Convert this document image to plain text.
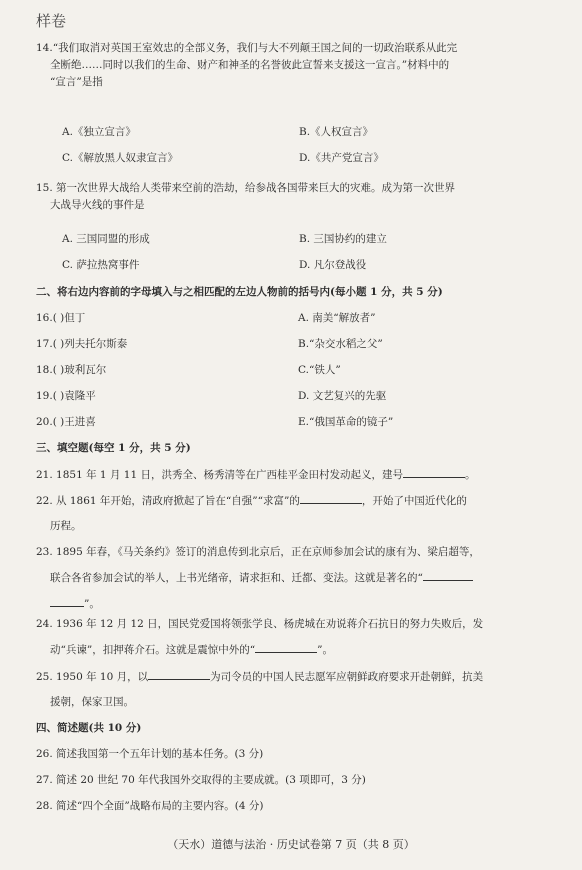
样卷
14.“我们取消对英国王室效忠的全部义务，我们与大不列颠王国之间的一切政治联系从此完
全断绝……同时以我们的生命、财产和神圣的名誉彼此宣誓来支援这一宣言。”材料中的
“宣言”是指
A.《独立宣言》	B.《人权宣言》
C.《解放黑人奴隶宣言》	D.《共产党宣言》
15. 第一次世界大战给人类带来空前的浩劫，给参战各国带来巨大的灾难。成为第一次世界
大战导火线的事件是
A. 三国同盟的形成	B. 三国协约的建立
C. 萨拉热窝事件	D. 凡尔登战役
二、将右边内容前的字母填入与之相匹配的左边人物前的括号内(每小题 1 分，共 5 分)
16.( )但丁	A. 南美“解放者”
17.( )列夫托尔斯泰	B.“杂交水稻之父”
18.( )玻利瓦尔	C.“铁人”
19.( )袁隆平	D. 文艺复兴的先驱
20.( )王进喜	E.“俄国革命的镜子”
三、填空题(每空 1 分，共 5 分)
21. 1851 年 1 月 11 日，洪秀全、杨秀清等在广西桂平金田村发动起义，建号	。
22. 从 1861 年开始，清政府掀起了旨在“自强”“求富”的	，开始了中国近代化的
历程。
23. 1895 年春，《马关条约》签订的消息传到北京后，正在京师参加会试的康有为、梁启超等，
联合各省参加会试的举人，上书光绪帝，请求拒和、迁都、变法。这就是著名的“
”。
24. 1936 年 12 月 12 日，国民党爱国将领张学良、杨虎城在劝说蒋介石抗日的努力失败后，发
动“兵谏”，扣押蒋介石。这就是震惊中外的“	”。
25. 1950 年 10 月，以	为司令员的中国人民志愿军应朝鲜政府要求开赴朝鲜，抗美
援朝，保家卫国。
四、简述题(共 10 分)
26. 简述我国第一个五年计划的基本任务。(3 分)
27. 简述 20 世纪 70 年代我国外交取得的主要成就。(3 项即可，3 分)
28. 简述“四个全面”战略布局的主要内容。(4 分)
（天水）道德与法治 · 历史试卷第 7 页（共 8 页）
